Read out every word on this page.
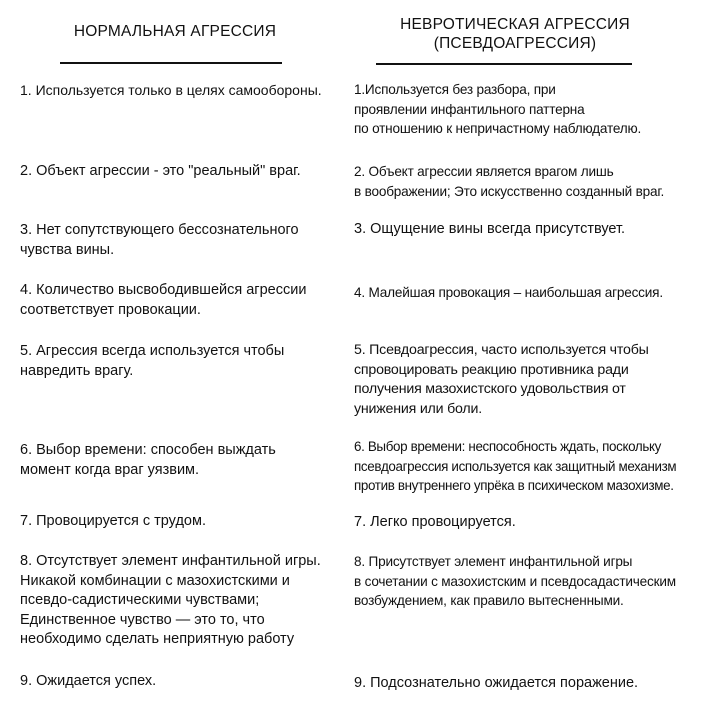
НОРМАЛЬНАЯ АГРЕССИЯ	НЕВРОТИЧЕСКАЯ АГРЕССИЯ
(ПСЕВДОАГРЕССИЯ)
1. Используется только в целях самообороны.
2. Объект агрессии - это "реальный" враг.
3. Нет сопутствующего бессознательного
чувства вины.
4. Количество высвободившейся агрессии
соответствует провокации.
5. Агрессия всегда используется чтобы
навредить врагу.
6. Выбор времени: способен выждать
момент когда враг уязвим.
7. Провоцируется с трудом.
8. Отсутствует элемент инфантильной игры.
Никакой комбинации с мазохистскими и
псевдо-садистическими чувствами;
Единственное чувство — это то, что
необходимо сделать неприятную работу
9. Ожидается успех.
1.Используется без разбора, при
проявлении инфантильного паттерна
по отношению к непричастному наблюдателю.
2. Объект агрессии является врагом лишь
в воображении; Это искусственно созданный враг.
3. Ощущение вины всегда присутствует.
4. Малейшая провокация – наибольшая агрессия.
5. Псевдоагрессия, часто используется чтобы
спровоцировать реакцию противника ради
получения мазохистского удовольствия от
унижения или боли.
6. Выбор времени: неспособность ждать, поскольку
псевдоагрессия используется как защитный механизм
против внутреннего упрёка в психическом мазохизме.
7. Легко провоцируется.
8. Присутствует элемент инфантильной игры
в сочетании с мазохистским и псевдосадастическим
возбуждением, как правило вытесненными.
9. Подсознательно ожидается поражение.
